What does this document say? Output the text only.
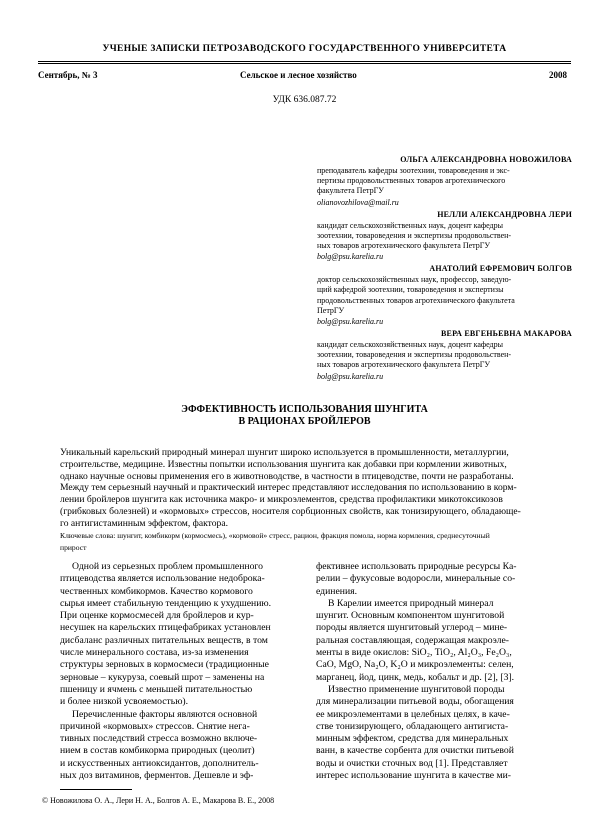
УЧЕНЫЕ ЗАПИСКИ ПЕТРОЗАВОДСКОГО ГОСУДАРСТВЕННОГО УНИВЕРСИТЕТА
Сентябрь, № 3	Сельское и лесное хозяйство	2008
УДК 636.087.72
ОЛЬГА АЛЕКСАНДРОВНА НОВОЖИЛОВА
преподаватель кафедры зоотехнии, товароведения и экс-
пертизы продовольственных товаров агротехнического
факультета ПетрГУ
olianovozhilova@mail.ru
НЕЛЛИ АЛЕКСАНДРОВНА ЛЕРИ
кандидат сельскохозяйственных наук, доцент кафедры
зоотехнии, товароведения и экспертизы продовольствен-
ных товаров агротехнического факультета ПетрГУ
bolg@psu.karelia.ru
АНАТОЛИЙ ЕФРЕМОВИЧ БОЛГОВ
доктор сельскохозяйственных наук, профессор, заведую-
щий кафедрой зоотехнии, товароведения и экспертизы
продовольственных товаров агротехнического факультета
ПетрГУ
bolg@psu.karelia.ru
ВЕРА ЕВГЕНЬЕВНА МАКАРОВА
кандидат сельскохозяйственных наук, доцент кафедры
зоотехнии, товароведения и экспертизы продовольствен-
ных товаров агротехнического факультета ПетрГУ
bolg@psu.karelia.ru
ЭФФЕКТИВНОСТЬ ИСПОЛЬЗОВАНИЯ ШУНГИТА
В РАЦИОНАХ БРОЙЛЕРОВ
Уникальный карельский природный минерал шунгит широко используется в промышленности, металлургии,
строительстве, медицине. Известны попытки использования шунгита как добавки при кормлении животных,
однако научные основы применения его в животноводстве, в частности в птицеводстве, почти не разработаны.
Между тем серьезный научный и практический интерес представляют исследования по использованию в корм-
лении бройлеров шунгита как источника макро- и микроэлементов, средства профилактики микотоксикозов
(грибковых болезней) и «кормовых» стрессов, носителя сорбционных свойств, как тонизирующего, обладающе-
го антигистаминным эффектом, фактора.
Ключевые слова: шунгит, комбикорм (кормосмесь), «кормовой» стресс, рацион, фракция помола, норма кормления, среднесуточный
прирост
Одной из серьезных проблем промышленного
птицеводства является использование недоброка-
чественных комбикормов. Качество кормового
сырья имеет стабильную тенденцию к ухудшению.
При оценке кормосмесей для бройлеров и кур-
несушек на карельских птицефабриках установлен
дисбаланс различных питательных веществ, в том
числе минерального состава, из-за изменения
структуры зерновых в кормосмеси (традиционные
зерновые – кукуруза, соевый шрот – заменены на
пшеницу и ячмень с меньшей питательностью
и более низкой усвояемостью).
Перечисленные факторы являются основной
причиной «кормовых» стрессов. Снятие нега-
тивных последствий стресса возможно включе-
нием в состав комбикорма природных (цеолит)
и искусственных антиоксидантов, дополнитель-
ных доз витаминов, ферментов. Дешевле и эф-
фективнее использовать природные ресурсы Ка-
релии – фукусовые водоросли, минеральные со-
единения.
В Карелии имеется природный минерал
шунгит. Основным компонентом шунгитовой
породы является шунгитовый углерод – мине-
ральная составляющая, содержащая макроэле-
менты в виде окислов: SiO₂, TiO₂, Al₂O₃, Fe₂O₃,
CaO, MgO, Na₂O, K₂O и микроэлементы: селен,
марганец, йод, цинк, медь, кобальт и др. [2], [3].
Известно применение шунгитовой породы
для минерализации питьевой воды, обогащения
ее микроэлементами в целебных целях, в каче-
стве тонизирующего, обладающего антигиста-
минным эффектом, средства для минеральных
ванн, в качестве сорбента для очистки питьевой
воды и очистки сточных вод [1]. Представляет
интерес использование шунгита в качестве ми-
© Новожилова О. А., Лери Н. А., Болгов А. Е., Макарова В. Е., 2008
